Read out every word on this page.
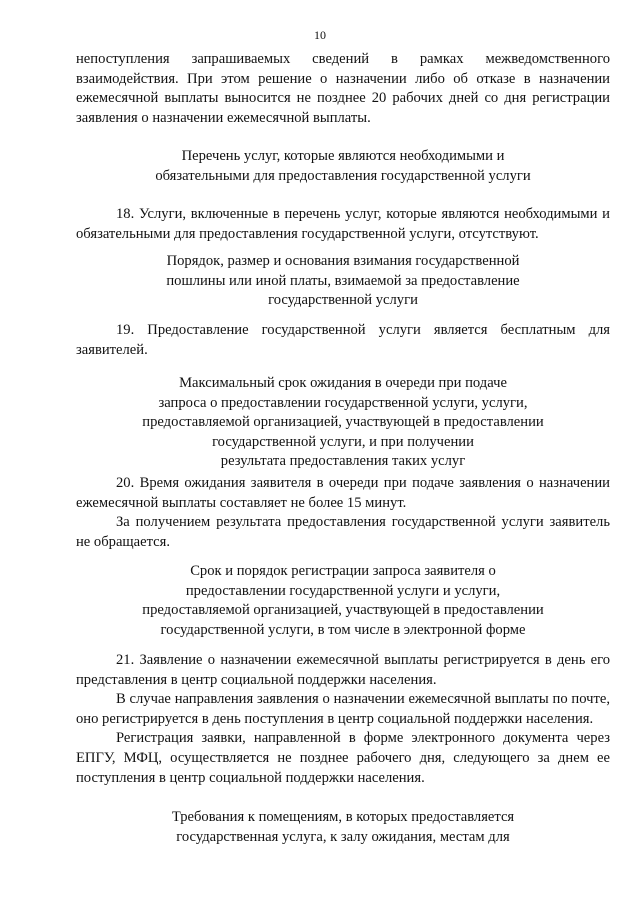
10

непоступления запрашиваемых сведений в рамках межведомственного взаимодействия. При этом решение о назначении либо об отказе в назначении ежемесячной выплаты выносится не позднее 20 рабочих дней со дня регистрации заявления о назначении ежемесячной выплаты.

Перечень услуг, которые являются необходимыми и

обязательными для предоставления государственной услуги

18. Услуги, включенные в перечень услуг, которые являются необходимыми и обязательными для предоставления государственной услуги, отсутствуют.

Порядок, размер и основания взимания государственной

пошлины или иной платы, взимаемой за предоставление

государственной услуги

19. Предоставление государственной услуги является бесплатным для заявителей.

Максимальный срок ожидания в очереди при подаче

запроса о предоставлении государственной услуги, услуги,

предоставляемой организацией, участвующей в предоставлении

государственной услуги, и при получении

результата предоставления таких услуг

20. Время ожидания заявителя в очереди при подаче заявления о назначении ежемесячной выплаты составляет не более 15 минут.

За получением результата предоставления государственной услуги заявитель не обращается.

Срок и порядок регистрации запроса заявителя о

предоставлении государственной услуги и услуги,

предоставляемой организацией, участвующей в предоставлении

государственной услуги, в том числе в электронной форме

21. Заявление о назначении ежемесячной выплаты регистрируется в день его представления в центр социальной поддержки населения.

В случае направления заявления о назначении ежемесячной выплаты по почте, оно регистрируется в день поступления в центр социальной поддержки населения.

Регистрация заявки, направленной в форме электронного документа через ЕПГУ, МФЦ, осуществляется не позднее рабочего дня, следующего за днем ее поступления в центр социальной поддержки населения.

Требования к помещениям, в которых предоставляется

государственная услуга, к залу ожидания, местам для
